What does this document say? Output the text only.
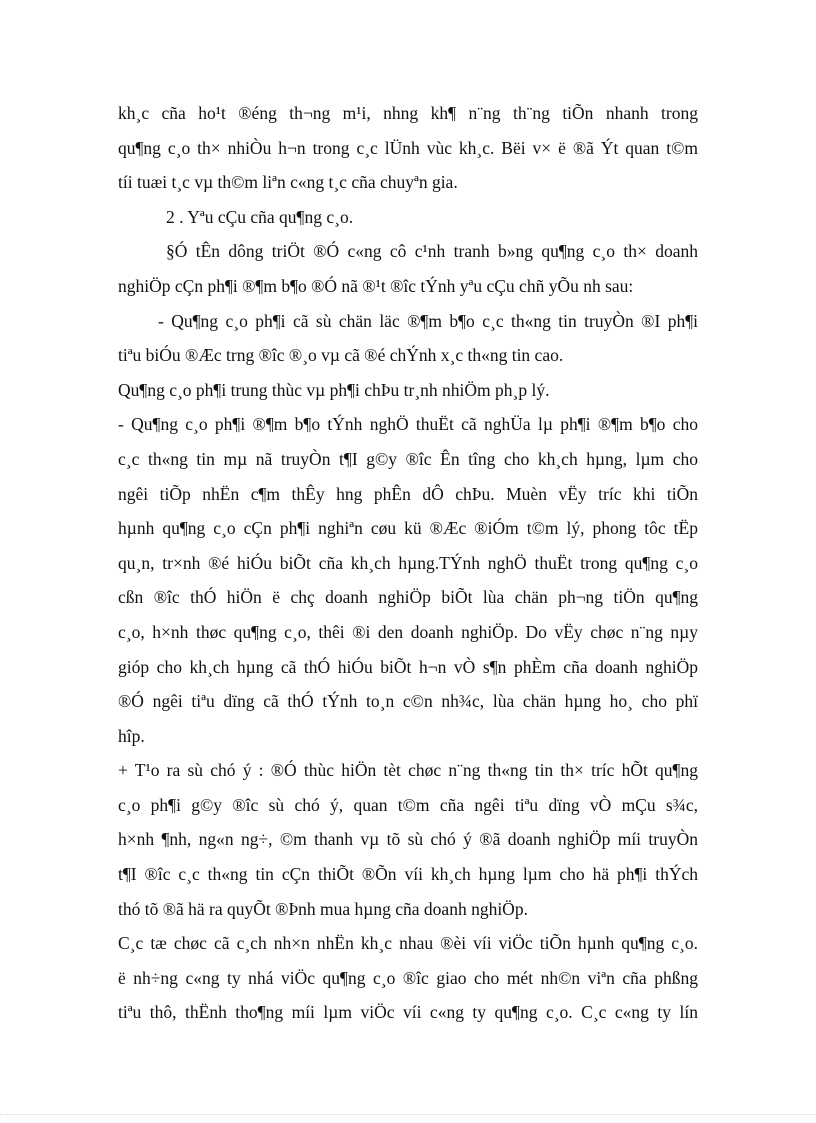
kh¸c cña ho¹t ®éng th¬ng m¹i, nhng kh¶ n¨ng th¨ng tiÕn nhanh trong
qu¶ng c¸o th× nhiÒu h¬n trong c¸c lÜnh vùc kh¸c. Bëi v× ë ®ã Ýt quan t©m
tíi tuæi t¸c vµ th©m liªn c«ng t¸c cña chuyªn gia.
2 . Yªu cÇu cña qu¶ng c¸o.
§Ó tÊn dông triÖt ®Ó c«ng cô c¹nh tranh b»ng qu¶ng c¸o th× doanh
nghiÖp cÇn ph¶i ®¶m b¶o ®Ó nã ®¹t ®îc tÝnh yªu cÇu chñ yÕu nh sau:
- Qu¶ng c¸o ph¶i cã sù chän läc ®¶m b¶o c¸c th«ng tin truyÒn ®I ph¶i
tiªu biÓu ®Æc trng ®îc ®¸o vµ cã ®é chÝnh x¸c th«ng tin cao.
Qu¶ng c¸o ph¶i trung thùc vµ ph¶i chÞu tr¸nh nhiÖm ph¸p lý.
- Qu¶ng c¸o ph¶i ®¶m b¶o tÝnh nghÖ thuËt cã nghÜa lµ ph¶i ®¶m b¶o cho
c¸c th«ng tin mµ nã truyÒn t¶I g©y ®îc Ên tîng cho kh¸ch hµng, lµm cho
ngêi tiÕp nhËn c¶m thÊy hng phÊn dÔ chÞu. Muèn vËy tríc khi tiÕn
hµnh qu¶ng c¸o cÇn ph¶i nghiªn cøu kü ®Æc ®iÓm t©m lý, phong tôc tËp
qu¸n, tr×nh ®é hiÓu biÕt cña kh¸ch hµng.TÝnh nghÖ thuËt trong qu¶ng c¸o
cßn ®îc thÓ hiÖn ë chç doanh nghiÖp biÕt lùa chän ph¬ng tiÖn qu¶ng
c¸o, h×nh thøc qu¶ng c¸o, thêi ®i den doanh nghiÖp. Do vËy chøc n¨ng nµy
gióp cho kh¸ch hµng cã thÓ hiÓu biÕt h¬n vÒ s¶n phÈm cña doanh nghiÖp
®Ó ngêi tiªu dïng cã thÓ tÝnh to¸n c©n nh¾c, lùa chän hµng ho¸ cho phï
hîp.
+ T¹o ra sù chó ý : ®Ó thùc hiÖn tèt chøc n¨ng th«ng tin th× tríc hÕt qu¶ng
c¸o ph¶i g©y ®îc sù chó ý, quan t©m cña ngêi tiªu dïng vÒ mÇu s¾c,
h×nh ¶nh, ng«n ng÷, ©m thanh vµ tõ sù chó ý ®ã doanh nghiÖp míi truyÒn
t¶I ®îc c¸c th«ng tin cÇn thiÕt ®Õn víi kh¸ch hµng lµm cho hä ph¶i thÝch
thó tõ ®ã hä ra quyÕt ®Þnh mua hµng cña doanh nghiÖp.
C¸c tæ chøc cã c¸ch nh×n nhËn kh¸c nhau ®èi víi viÖc tiÕn hµnh qu¶ng c¸o.
ë nh÷ng c«ng ty nhá viÖc qu¶ng c¸o ®îc giao cho mét nh©n viªn cña phßng
tiªu thô, thËnh tho¶ng míi lµm viÖc víi c«ng ty qu¶ng c¸o. C¸c c«ng ty lín
